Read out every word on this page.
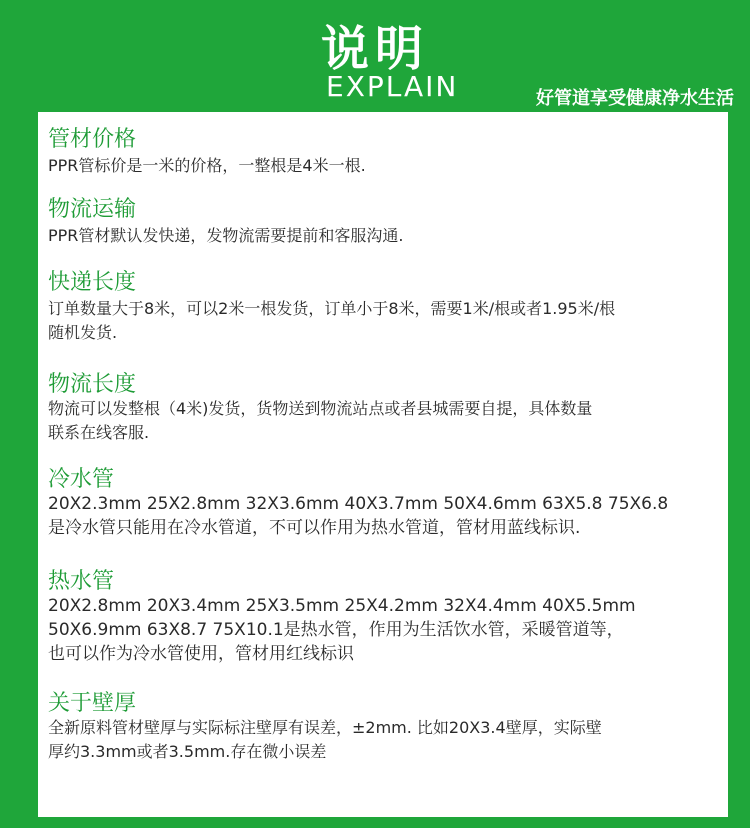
说明
EXPLAIN	好管道享受健康净水生活
管材价格
PPR管标价是一米的价格，一整根是4米一根.
物流运输
PPR管材默认发快递，发物流需要提前和客服沟通.
快递长度
订单数量大于8米，可以2米一根发货，订单小于8米，需要1米/根或者1.95米/根
随机发货.
物流长度
物流可以发整根（4米)发货，货物送到物流站点或者县城需要自提，具体数量
联系在线客服.
冷水管
20X2.3mm 25X2.8mm 32X3.6mm 40X3.7mm 50X4.6mm 63X5.8 75X6.8
是冷水管只能用在冷水管道，不可以作用为热水管道，管材用蓝线标识.
热水管
20X2.8mm 20X3.4mm 25X3.5mm 25X4.2mm 32X4.4mm 40X5.5mm
50X6.9mm 63X8.7 75X10.1是热水管，作用为生活饮水管，采暖管道等，
也可以作为冷水管使用，管材用红线标识
关于壁厚
全新原料管材壁厚与实际标注壁厚有误差，±2mm. 比如20X3.4壁厚，实际壁
厚约3.3mm或者3.5mm.存在微小误差
